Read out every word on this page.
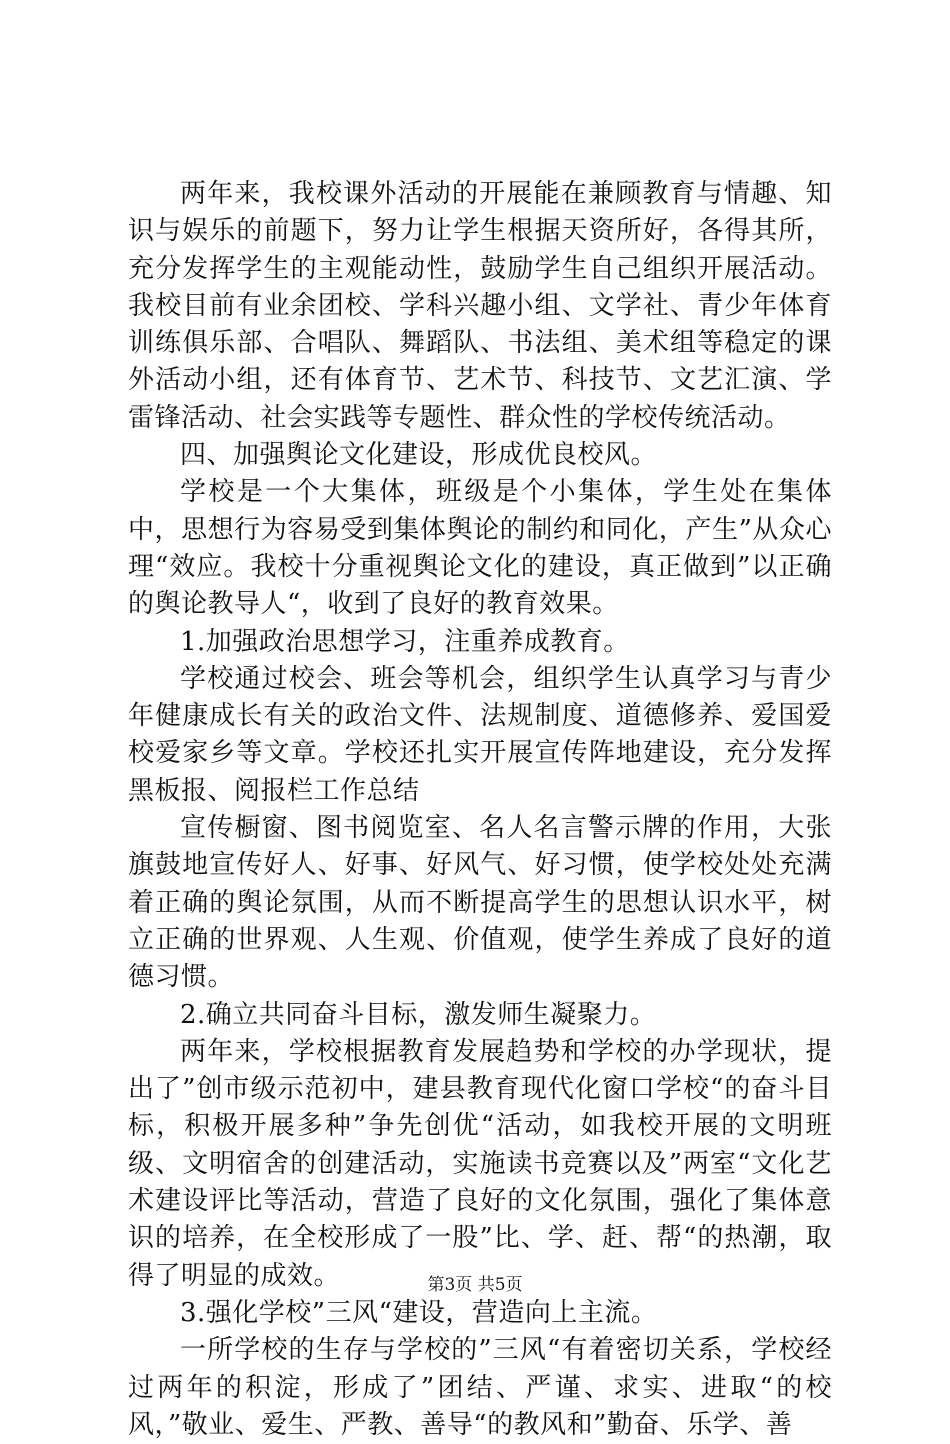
两年来，我校课外活动的开展能在兼顾教育与情趣、知识与娱乐的前题下，努力让学生根据天资所好，各得其所，充分发挥学生的主观能动性，鼓励学生自己组织开展活动。我校目前有业余团校、学科兴趣小组、文学社、青少年体育训练俱乐部、合唱队、舞蹈队、书法组、美术组等稳定的课外活动小组，还有体育节、艺术节、科技节、文艺汇演、学雷锋活动、社会实践等专题性、群众性的学校传统活动。

四、加强舆论文化建设，形成优良校风。

学校是一个大集体，班级是个小集体，学生处在集体中，思想行为容易受到集体舆论的制约和同化，产生”从众心理“效应。我校十分重视舆论文化的建设，真正做到”以正确的舆论教导人“，收到了良好的教育效果。

1.加强政治思想学习，注重养成教育。

学校通过校会、班会等机会，组织学生认真学习与青少年健康成长有关的政治文件、法规制度、道德修养、爱国爱校爱家乡等文章。学校还扎实开展宣传阵地建设，充分发挥黑板报、阅报栏工作总结

宣传橱窗、图书阅览室、名人名言警示牌的作用，大张旗鼓地宣传好人、好事、好风气、好习惯，使学校处处充满着正确的舆论氛围，从而不断提高学生的思想认识水平，树立正确的世界观、人生观、价值观，使学生养成了良好的道德习惯。

2.确立共同奋斗目标，激发师生凝聚力。

两年来，学校根据教育发展趋势和学校的办学现状，提出了”创市级示范初中，建县教育现代化窗口学校“的奋斗目标，积极开展多种”争先创优“活动，如我校开展的文明班级、文明宿舍的创建活动，实施读书竞赛以及”两室“文化艺术建设评比等活动，营造了良好的文化氛围，强化了集体意识的培养，在全校形成了一股”比、学、赶、帮“的热潮，取得了明显的成效。

3.强化学校”三风“建设，营造向上主流。

一所学校的生存与学校的”三风“有着密切关系，学校经过两年的积淀，形成了”团结、严谨、求实、进取“的校风，”敬业、爱生、严教、善导“的教风和”勤奋、乐学、善

第3页 共5页
